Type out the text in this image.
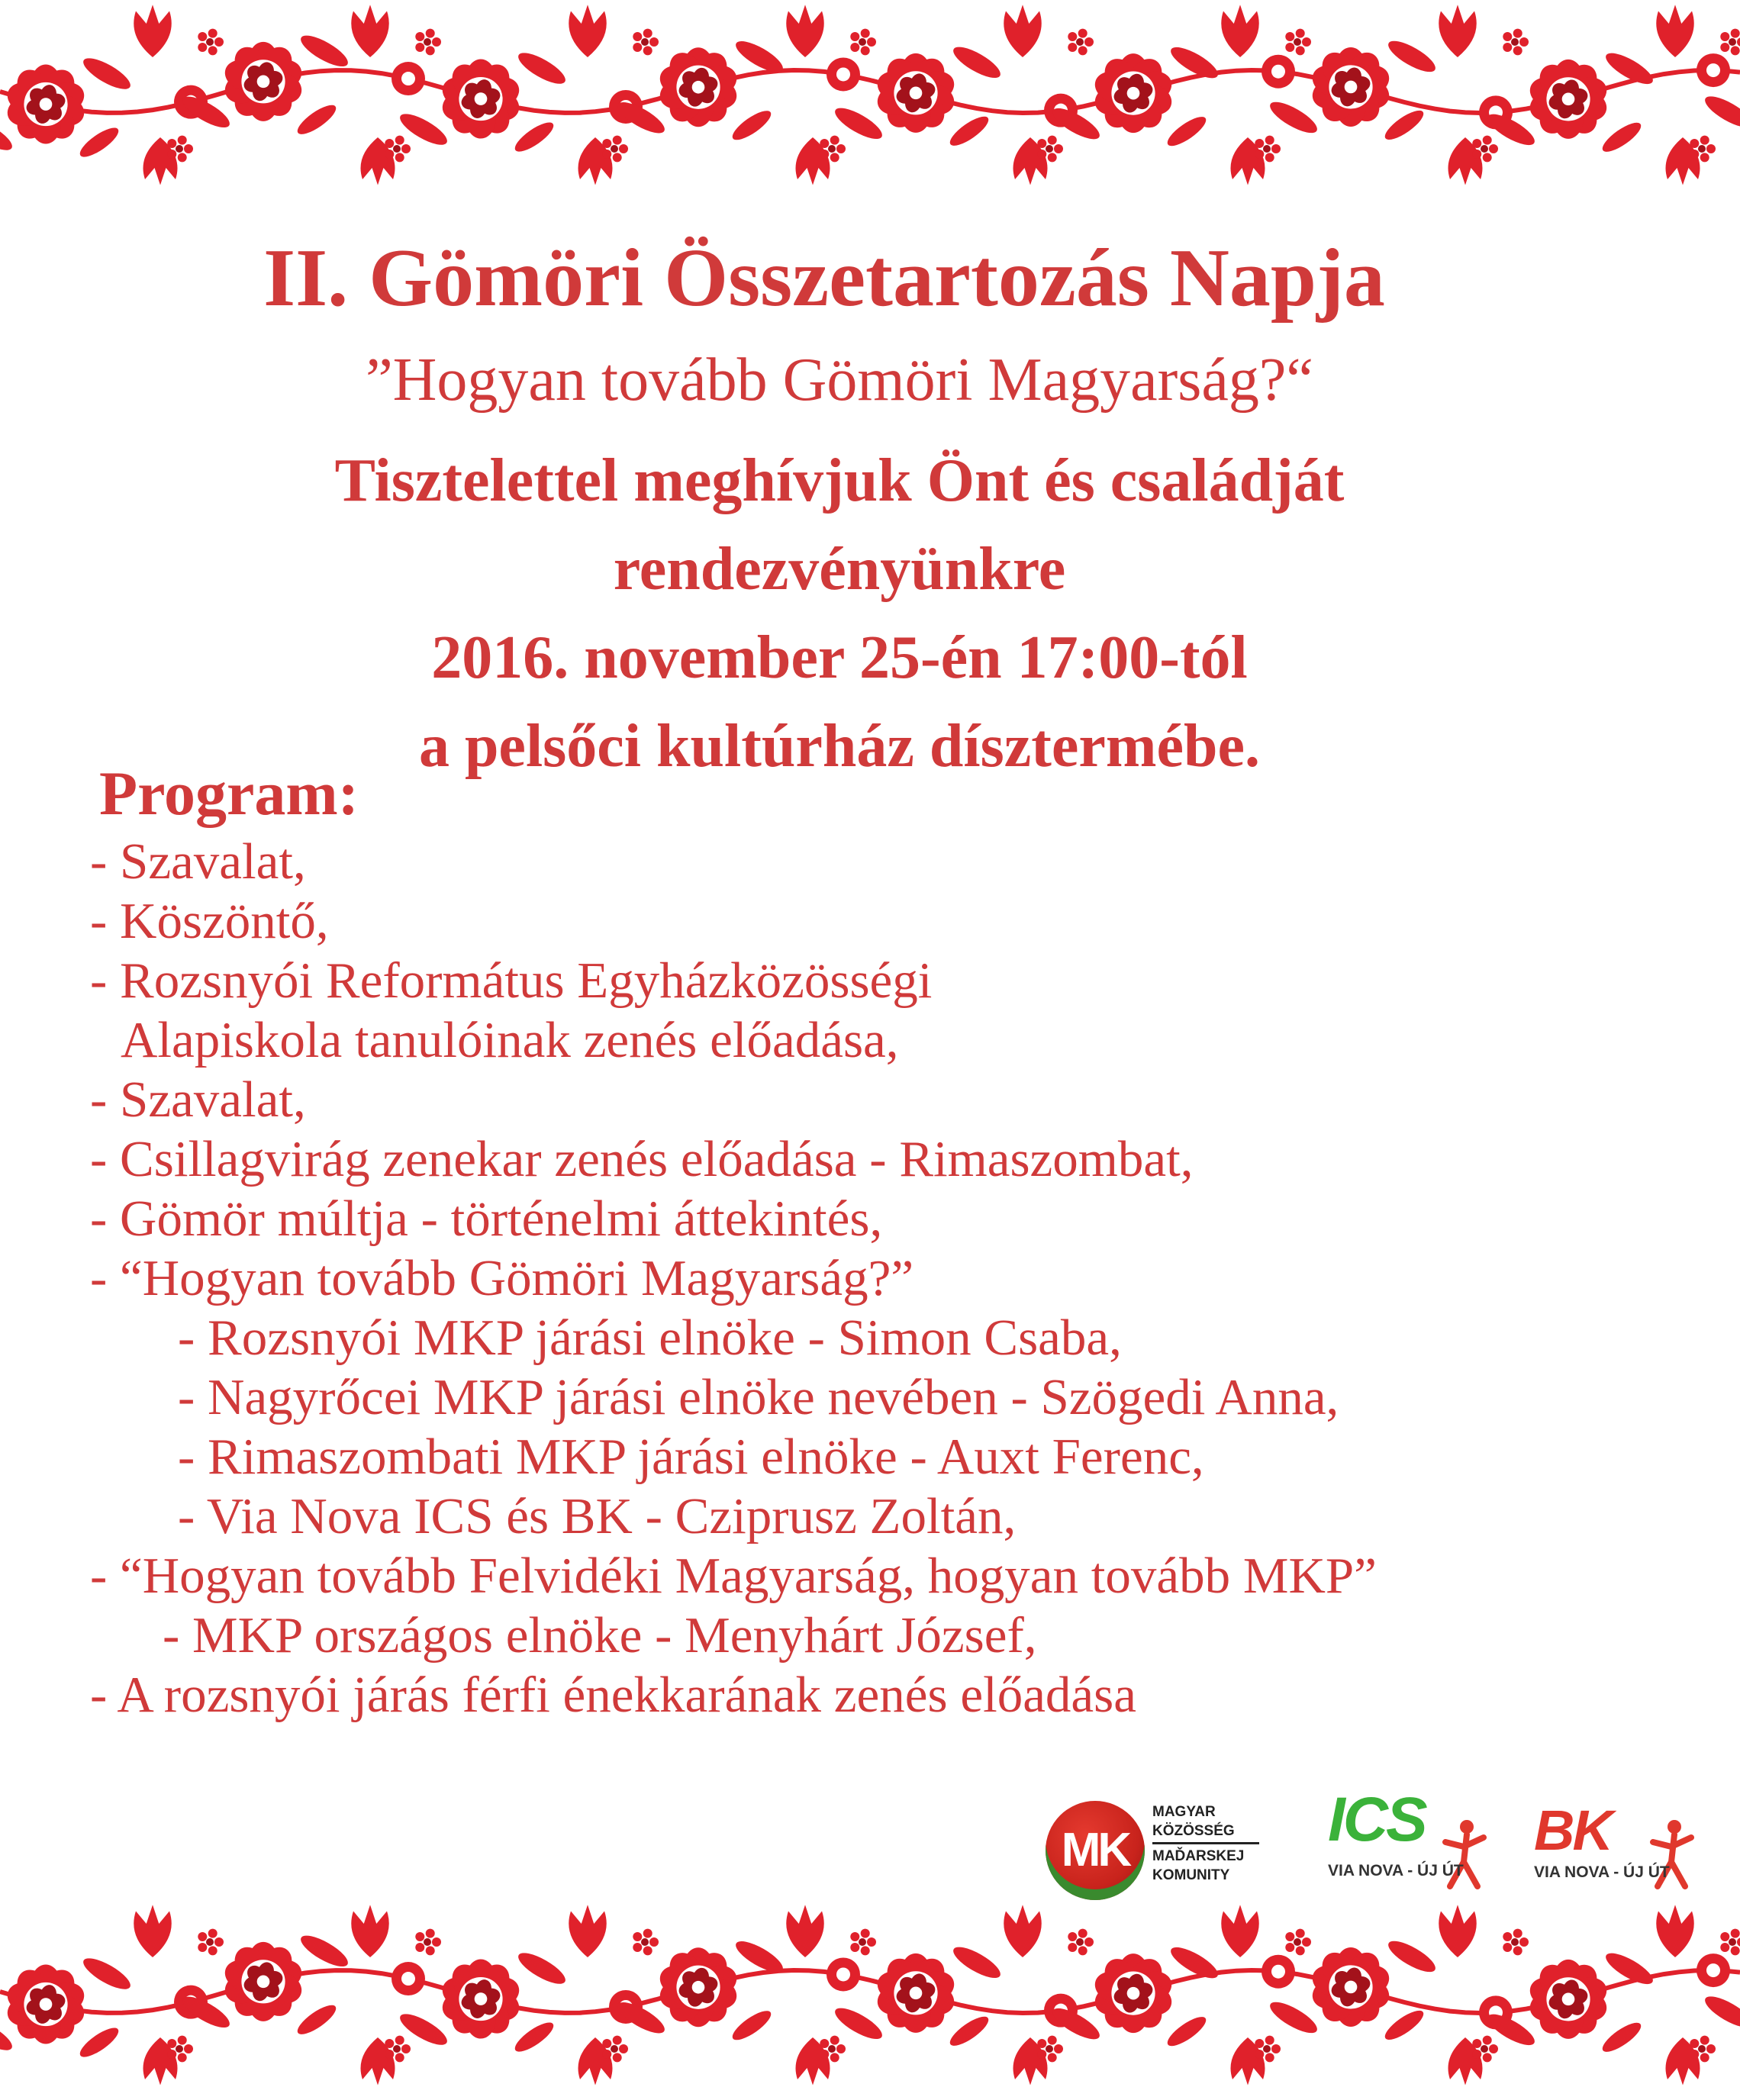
II. Gömöri Összetartozás Napja
”Hogyan tovább Gömöri Magyarság?“
Tisztelettel meghívjuk Önt és családját
rendezvényünkre
2016. november 25-én 17:00-tól
a pelsőci kultúrház dísztermébe.
Program:
- Szavalat,
- Köszöntő,
- Rozsnyói Református Egyházközösségi
Alapiskola tanulóinak zenés előadása,
- Szavalat,
- Csillagvirág zenekar zenés előadása - Rimaszombat,
- Gömör múltja - történelmi áttekintés,
- “Hogyan tovább Gömöri Magyarság?”
- Rozsnyói MKP járási elnöke - Simon Csaba,
- Nagyrőcei MKP járási elnöke nevében - Szögedi Anna,
- Rimaszombati MKP járási elnöke - Auxt Ferenc,
- Via Nova ICS és BK - Cziprusz Zoltán,
- “Hogyan tovább Felvidéki Magyarság, hogyan tovább MKP”
- MKP országos elnöke - Menyhárt József,
- A rozsnyói járás férfi énekkarának zenés előadása
MK
MAGYAR
KÖZÖSSÉG
MAĎARSKEJ
KOMUNITY
ICS
VIA NOVA - ÚJ ÚT
BK
VIA NOVA - ÚJ ÚT
